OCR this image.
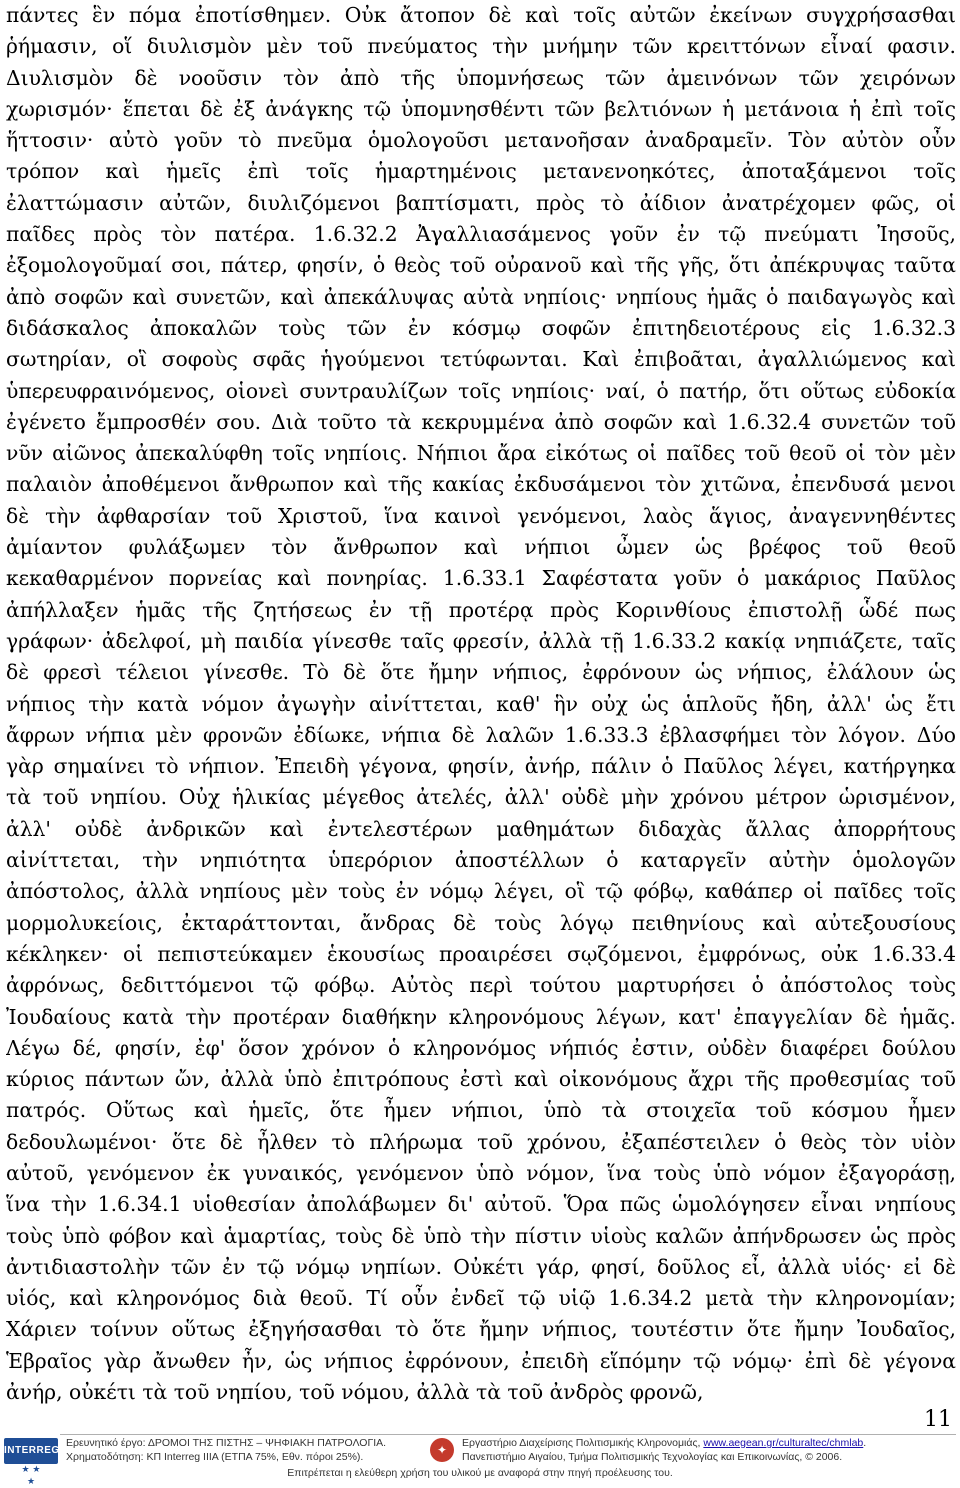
πάντες ἓν πόμα ἐποτίσθημεν. Οὐκ ἄτοπον δὲ καὶ τοῖς αὐτῶν ἐκείνων συγχρήσασθαι
ῥήμασιν, οἵ διυλισμὸν μὲν τοῦ πνεύματος τὴν μνήμην τῶν κρειττόνων εἶναί φασιν.
Διυλισμὸν δὲ νοοῦσιν τὸν ἀπὸ τῆς ὑπομνήσεως τῶν ἀμεινόνων τῶν χειρόνων
χωρισμόν· ἕπεται δὲ ἐξ ἀνάγκης τῷ ὑπομνησθέντι τῶν βελτιόνων ἡ μετάνοια ἡ ἐπὶ τοῖς
ἥττοσιν· αὐτὸ γοῦν τὸ πνεῦμα ὁμολογοῦσι μετανοῆσαν ἀναδραμεῖν. Τὸν αὐτὸν οὖν
τρόπον καὶ ἡμεῖς ἐπὶ τοῖς ἡμαρτημένοις μετανενοηκότες, ἀποταξάμενοι τοῖς
ἐλαττώμασιν αὐτῶν, διυλιζόμενοι βαπτίσματι, πρὸς τὸ ἀίδιον ἀνατρέχομεν φῶς, οἱ
παῖδες πρὸς τὸν πατέρα. 1.6.32.2 Ἀγαλλιασάμενος γοῦν ἐν τῷ πνεύματι Ἰησοῦς,
ἐξομολογοῦμαί σοι, πάτερ, φησίν, ὁ θεὸς τοῦ οὐρανοῦ καὶ τῆς γῆς, ὅτι ἀπέκρυψας ταῦτα
ἀπὸ σοφῶν καὶ συνετῶν, καὶ ἀπεκάλυψας αὐτὰ νηπίοις· νηπίους ἡμᾶς ὁ παιδαγωγὸς καὶ
διδάσκαλος ἀποκαλῶν τοὺς τῶν ἐν κόσμῳ σοφῶν ἐπιτηδειοτέρους εἰς 1.6.32.3
σωτηρίαν, οἳ σοφοὺς σφᾶς ἡγούμενοι τετύφωνται. Καὶ ἐπιβοᾶται, ἀγαλλιώμενος καὶ
ὑπερευφραινόμενος, οἱονεὶ συντραυλίζων τοῖς νηπίοις· ναί, ὁ πατήρ, ὅτι οὕτως εὐδοκία
ἐγένετο ἔμπροσθέν σου. Διὰ τοῦτο τὰ κεκρυμμένα ἀπὸ σοφῶν καὶ 1.6.32.4 συνετῶν τοῦ
νῦν αἰῶνος ἀπεκαλύφθη τοῖς νηπίοις. Νήπιοι ἄρα εἰκότως οἱ παῖδες τοῦ θεοῦ οἱ τὸν μὲν
παλαιὸν ἀποθέμενοι ἄνθρωπον καὶ τῆς κακίας ἐκδυσάμενοι τὸν χιτῶνα, ἐπενδυσά μενοι
δὲ τὴν ἀφθαρσίαν τοῦ Χριστοῦ, ἵνα καινοὶ γενόμενοι, λαὸς ἅγιος, ἀναγεννηθέντες
ἀμίαντον φυλάξωμεν τὸν ἄνθρωπον καὶ νήπιοι ὦμεν ὡς βρέφος τοῦ θεοῦ
κεκαθαρμένον πορνείας καὶ πονηρίας. 1.6.33.1 Σαφέστατα γοῦν ὁ μακάριος Παῦλος
ἀπήλλαξεν ἡμᾶς τῆς ζητήσεως ἐν τῇ προτέρᾳ πρὸς Κορινθίους ἐπιστολῇ ὧδέ πως
γράφων· ἀδελφοί, μὴ παιδία γίνεσθε ταῖς φρεσίν, ἀλλὰ τῇ 1.6.33.2 κακίᾳ νηπιάζετε, ταῖς
δὲ φρεσὶ τέλειοι γίνεσθε. Τὸ δὲ ὅτε ἤμην νήπιος, ἐφρόνουν ὡς νήπιος, ἐλάλουν ὡς
νήπιος τὴν κατὰ νόμον ἀγωγὴν αἰνίττεται, καθ' ἣν οὐχ ὡς ἁπλοῦς ἤδη, ἀλλ' ὡς ἔτι
ἄφρων νήπια μὲν φρονῶν ἐδίωκε, νήπια δὲ λαλῶν 1.6.33.3 ἐβλασφήμει τὸν λόγον. Δύο
γὰρ σημαίνει τὸ νήπιον. Ἐπειδὴ γέγονα, φησίν, ἀνήρ, πάλιν ὁ Παῦλος λέγει, κατήργηκα
τὰ τοῦ νηπίου. Οὐχ ἡλικίας μέγεθος ἀτελές, ἀλλ' οὐδὲ μὴν χρόνου μέτρον ὡρισμένον,
ἀλλ' οὐδὲ ἀνδρικῶν καὶ ἐντελεστέρων μαθημάτων διδαχὰς ἄλλας ἀπορρήτους
αἰνίττεται, τὴν νηπιότητα ὑπερόριον ἀποστέλλων ὁ καταργεῖν αὐτὴν ὁμολογῶν
ἀπόστολος, ἀλλὰ νηπίους μὲν τοὺς ἐν νόμῳ λέγει, οἳ τῷ φόβῳ, καθάπερ οἱ παῖδες τοῖς
μορμολυκείοις, ἐκταράττονται, ἄνδρας δὲ τοὺς λόγῳ πειθηνίους καὶ αὐτεξουσίους
κέκληκεν· οἱ πεπιστεύκαμεν ἑκουσίως προαιρέσει σῳζόμενοι, ἐμφρόνως, οὐκ 1.6.33.4
ἀφρόνως, δεδιττόμενοι τῷ φόβῳ. Αὐτὸς περὶ τούτου μαρτυρήσει ὁ ἀπόστολος τοὺς
Ἰουδαίους κατὰ τὴν προτέραν διαθήκην κληρονόμους λέγων, κατ' ἐπαγγελίαν δὲ ἡμᾶς.
Λέγω δέ, φησίν, ἐφ' ὅσον χρόνον ὁ κληρονόμος νήπιός ἐστιν, οὐδὲν διαφέρει δούλου
κύριος πάντων ὤν, ἀλλὰ ὑπὸ ἐπιτρόπους ἐστὶ καὶ οἰκονόμους ἄχρι τῆς προθεσμίας τοῦ
πατρός. Οὕτως καὶ ἡμεῖς, ὅτε ἦμεν νήπιοι, ὑπὸ τὰ στοιχεῖα τοῦ κόσμου ἦμεν
δεδουλωμένοι· ὅτε δὲ ἦλθεν τὸ πλήρωμα τοῦ χρόνου, ἐξαπέστειλεν ὁ θεὸς τὸν υἱὸν
αὐτοῦ, γενόμενον ἐκ γυναικός, γενόμενον ὑπὸ νόμον, ἵνα τοὺς ὑπὸ νόμον ἐξαγοράσῃ,
ἵνα τὴν 1.6.34.1 υἱοθεσίαν ἀπολάβωμεν δι' αὐτοῦ. Ὅρα πῶς ὡμολόγησεν εἶναι νηπίους
τοὺς ὑπὸ φόβον καὶ ἁμαρτίας, τοὺς δὲ ὑπὸ τὴν πίστιν υἱοὺς καλῶν ἀπήνδρωσεν ὡς πρὸς
ἀντιδιαστολὴν τῶν ἐν τῷ νόμῳ νηπίων. Οὐκέτι γάρ, φησί, δοῦλος εἶ, ἀλλὰ υἱός· εἰ δὲ
υἱός, καὶ κληρονόμος διὰ θεοῦ. Τί οὖν ἐνδεῖ τῷ υἱῷ 1.6.34.2 μετὰ τὴν κληρονομίαν;
Χάριεν τοίνυν οὕτως ἐξηγήσασθαι τὸ ὅτε ἤμην νήπιος, τουτέστιν ὅτε ἤμην Ἰουδαῖος,
Ἑβραῖος γὰρ ἄνωθεν ἦν, ὡς νήπιος ἐφρόνουν, ἐπειδὴ εἵπόμην τῷ νόμῳ· ἐπὶ δὲ γέγονα
ἀνήρ, οὐκέτι τὰ τοῦ νηπίου, τοῦ νόμου, ἀλλὰ τὰ τοῦ ἀνδρὸς φρονῶ,
11
INTERREG
★ ★ ★
Ερευνητικό έργο: ΔΡΟΜΟΙ ΤΗΣ ΠΙΣΤΗΣ – ΨΗΦΙΑΚΗ ΠΑΤΡΟΛΟΓΙΑ.
Χρηματοδότηση: ΚΠ Interreg IIIA (ΕΤΠΑ 75%, Εθν. πόροι 25%).	✦	Εργαστήριο Διαχείρισης Πολιτισμικής Κληρονομιάς, www.aegean.gr/culturaltec/chmlab.
Πανεπιστήμιο Αιγαίου, Τμήμα Πολιτισμικής Τεχνολογίας και Επικοινωνίας, © 2006.
Επιτρέπεται η ελεύθερη χρήση του υλικού με αναφορά στην πηγή προέλευσης του.
